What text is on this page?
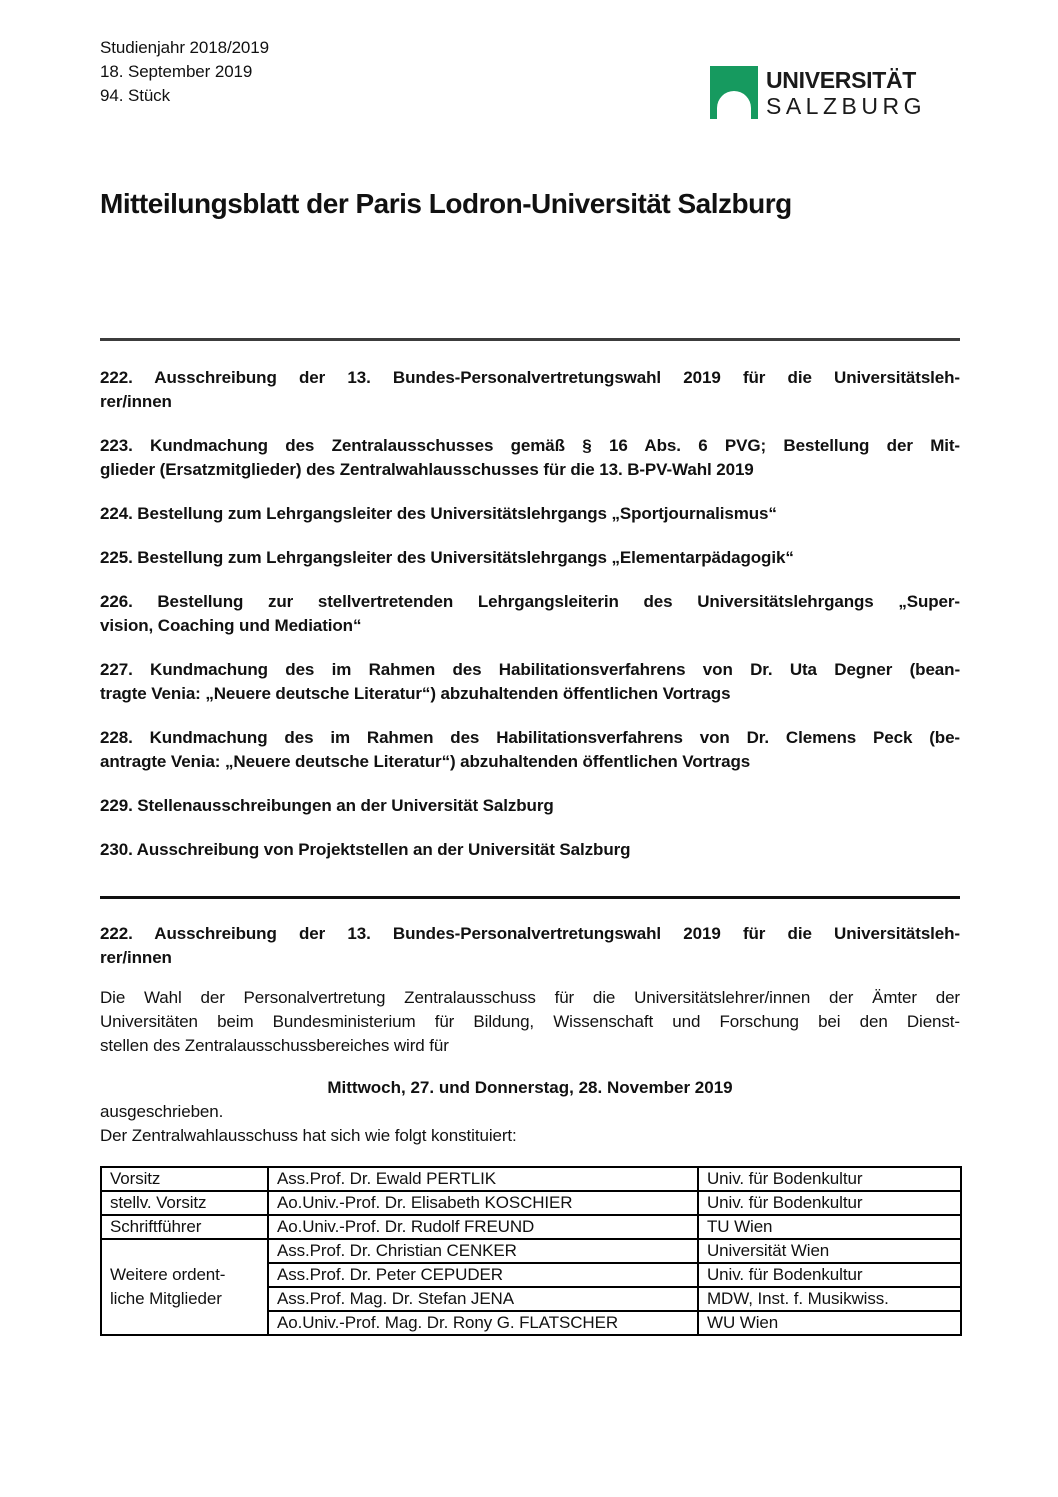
Studienjahr 2018/2019
18. September 2019
94. Stück
UNIVERSITÄT
SALZBURG
Mitteilungsblatt der Paris Lodron-Universität Salzburg
222. Ausschreibung der 13. Bundes-Personalvertretungswahl 2019 für die Universitätsleh-
rer/innen
223. Kundmachung des Zentralausschusses gemäß § 16 Abs. 6 PVG; Bestellung der Mit-
glieder (Ersatzmitglieder) des Zentralwahlausschusses für die 13. B-PV-Wahl 2019
224. Bestellung zum Lehrgangsleiter des Universitätslehrgangs „Sportjournalismus“
225. Bestellung zum Lehrgangsleiter des Universitätslehrgangs „Elementarpädagogik“
226. Bestellung zur stellvertretenden Lehrgangsleiterin des Universitätslehrgangs „Super-
vision, Coaching und Mediation“
227. Kundmachung des im Rahmen des Habilitationsverfahrens von Dr. Uta Degner (bean-
tragte Venia: „Neuere deutsche Literatur“) abzuhaltenden öffentlichen Vortrags
228. Kundmachung des im Rahmen des Habilitationsverfahrens von Dr. Clemens Peck (be-
antragte Venia: „Neuere deutsche Literatur“) abzuhaltenden öffentlichen Vortrags
229. Stellenausschreibungen an der Universität Salzburg
230. Ausschreibung von Projektstellen an der Universität Salzburg
222. Ausschreibung der 13. Bundes-Personalvertretungswahl 2019 für die Universitätsleh-
rer/innen
Die Wahl der Personalvertretung Zentralausschuss für die Universitätslehrer/innen der Ämter der
Universitäten beim Bundesministerium für Bildung, Wissenschaft und Forschung bei den Dienst-
stellen des Zentralausschussbereiches wird für
Mittwoch, 27. und Donnerstag, 28. November 2019
ausgeschrieben.
Der Zentralwahlausschuss hat sich wie folgt konstituiert:
Vorsitz	Ass.Prof. Dr. Ewald PERTLIK	Univ. für Bodenkultur
stellv. Vorsitz	Ao.Univ.-Prof. Dr. Elisabeth KOSCHIER	Univ. für Bodenkultur
Schriftführer	Ao.Univ.-Prof. Dr. Rudolf FREUND	TU Wien

Weitere ordent-
liche Mitglieder	Ass.Prof. Dr. Christian CENKER	Universität Wien
	Ass.Prof. Dr. Peter CEPUDER	Univ. für Bodenkultur
	Ass.Prof. Mag. Dr. Stefan JENA	MDW, Inst. f. Musikwiss.
	Ao.Univ.-Prof. Mag. Dr. Rony G. FLATSCHER	WU Wien
